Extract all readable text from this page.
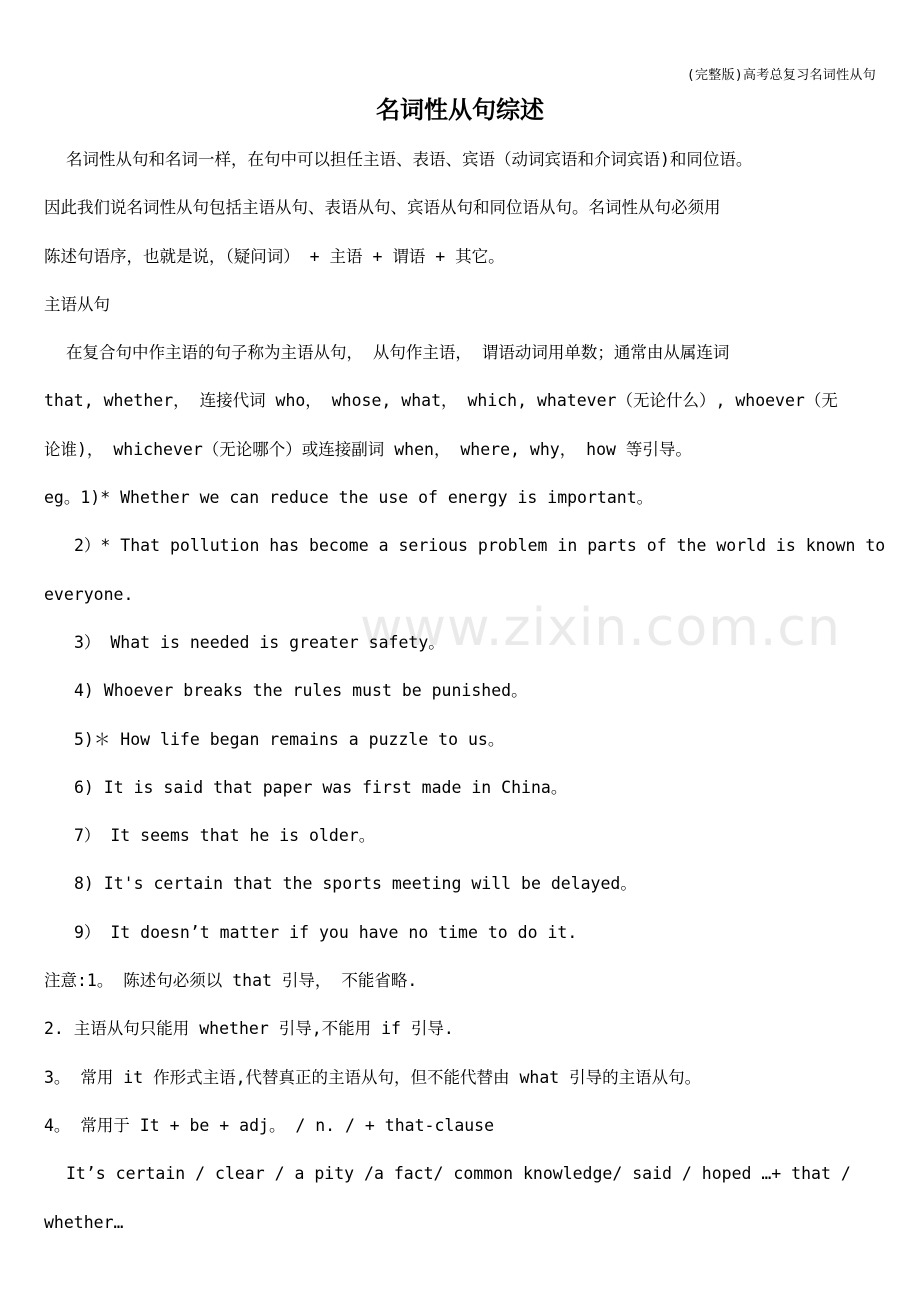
(完整版)高考总复习名词性从句
名词性从句综述
www.zixin.com.cn
名词性从句和名词一样，在句中可以担任主语、表语、宾语（动词宾语和介词宾语)和同位语。
因此我们说名词性从句包括主语从句、表语从句、宾语从句和同位语从句。名词性从句必须用
陈述句语序，也就是说，（疑问词） + 主语 + 谓语 + 其它。
主语从句
在复合句中作主语的句子称为主语从句， 从句作主语， 谓语动词用单数；通常由从属连词
that, whether， 连接代词 who， whose, what， which, whatever（无论什么）, whoever（无
论谁)， whichever（无论哪个）或连接副词 when， where, why， how 等引导。
eg。1)* Whether we can reduce the use of energy is important。
2）* That pollution has become a serious problem in parts of the world is known to
everyone.
3） What is needed is greater safety。
4) Whoever breaks the rules must be punished。
5)＊ How life began remains a puzzle to us。
6) It is said that paper was first made in China。
7） It seems that he is older。
8) It's certain that the sports meeting will be delayed。
9） It doesn’t matter if you have no time to do it.
注意:1。 陈述句必须以 that 引导， 不能省略.
2. 主语从句只能用 whether 引导,不能用 if 引导.
3。 常用 it 作形式主语,代替真正的主语从句，但不能代替由 what 引导的主语从句。
4。 常用于 It + be + adj。 / n. / + that-clause
It’s certain / clear / a pity /a fact/ common knowledge/ said / hoped …+ that /
whether…
